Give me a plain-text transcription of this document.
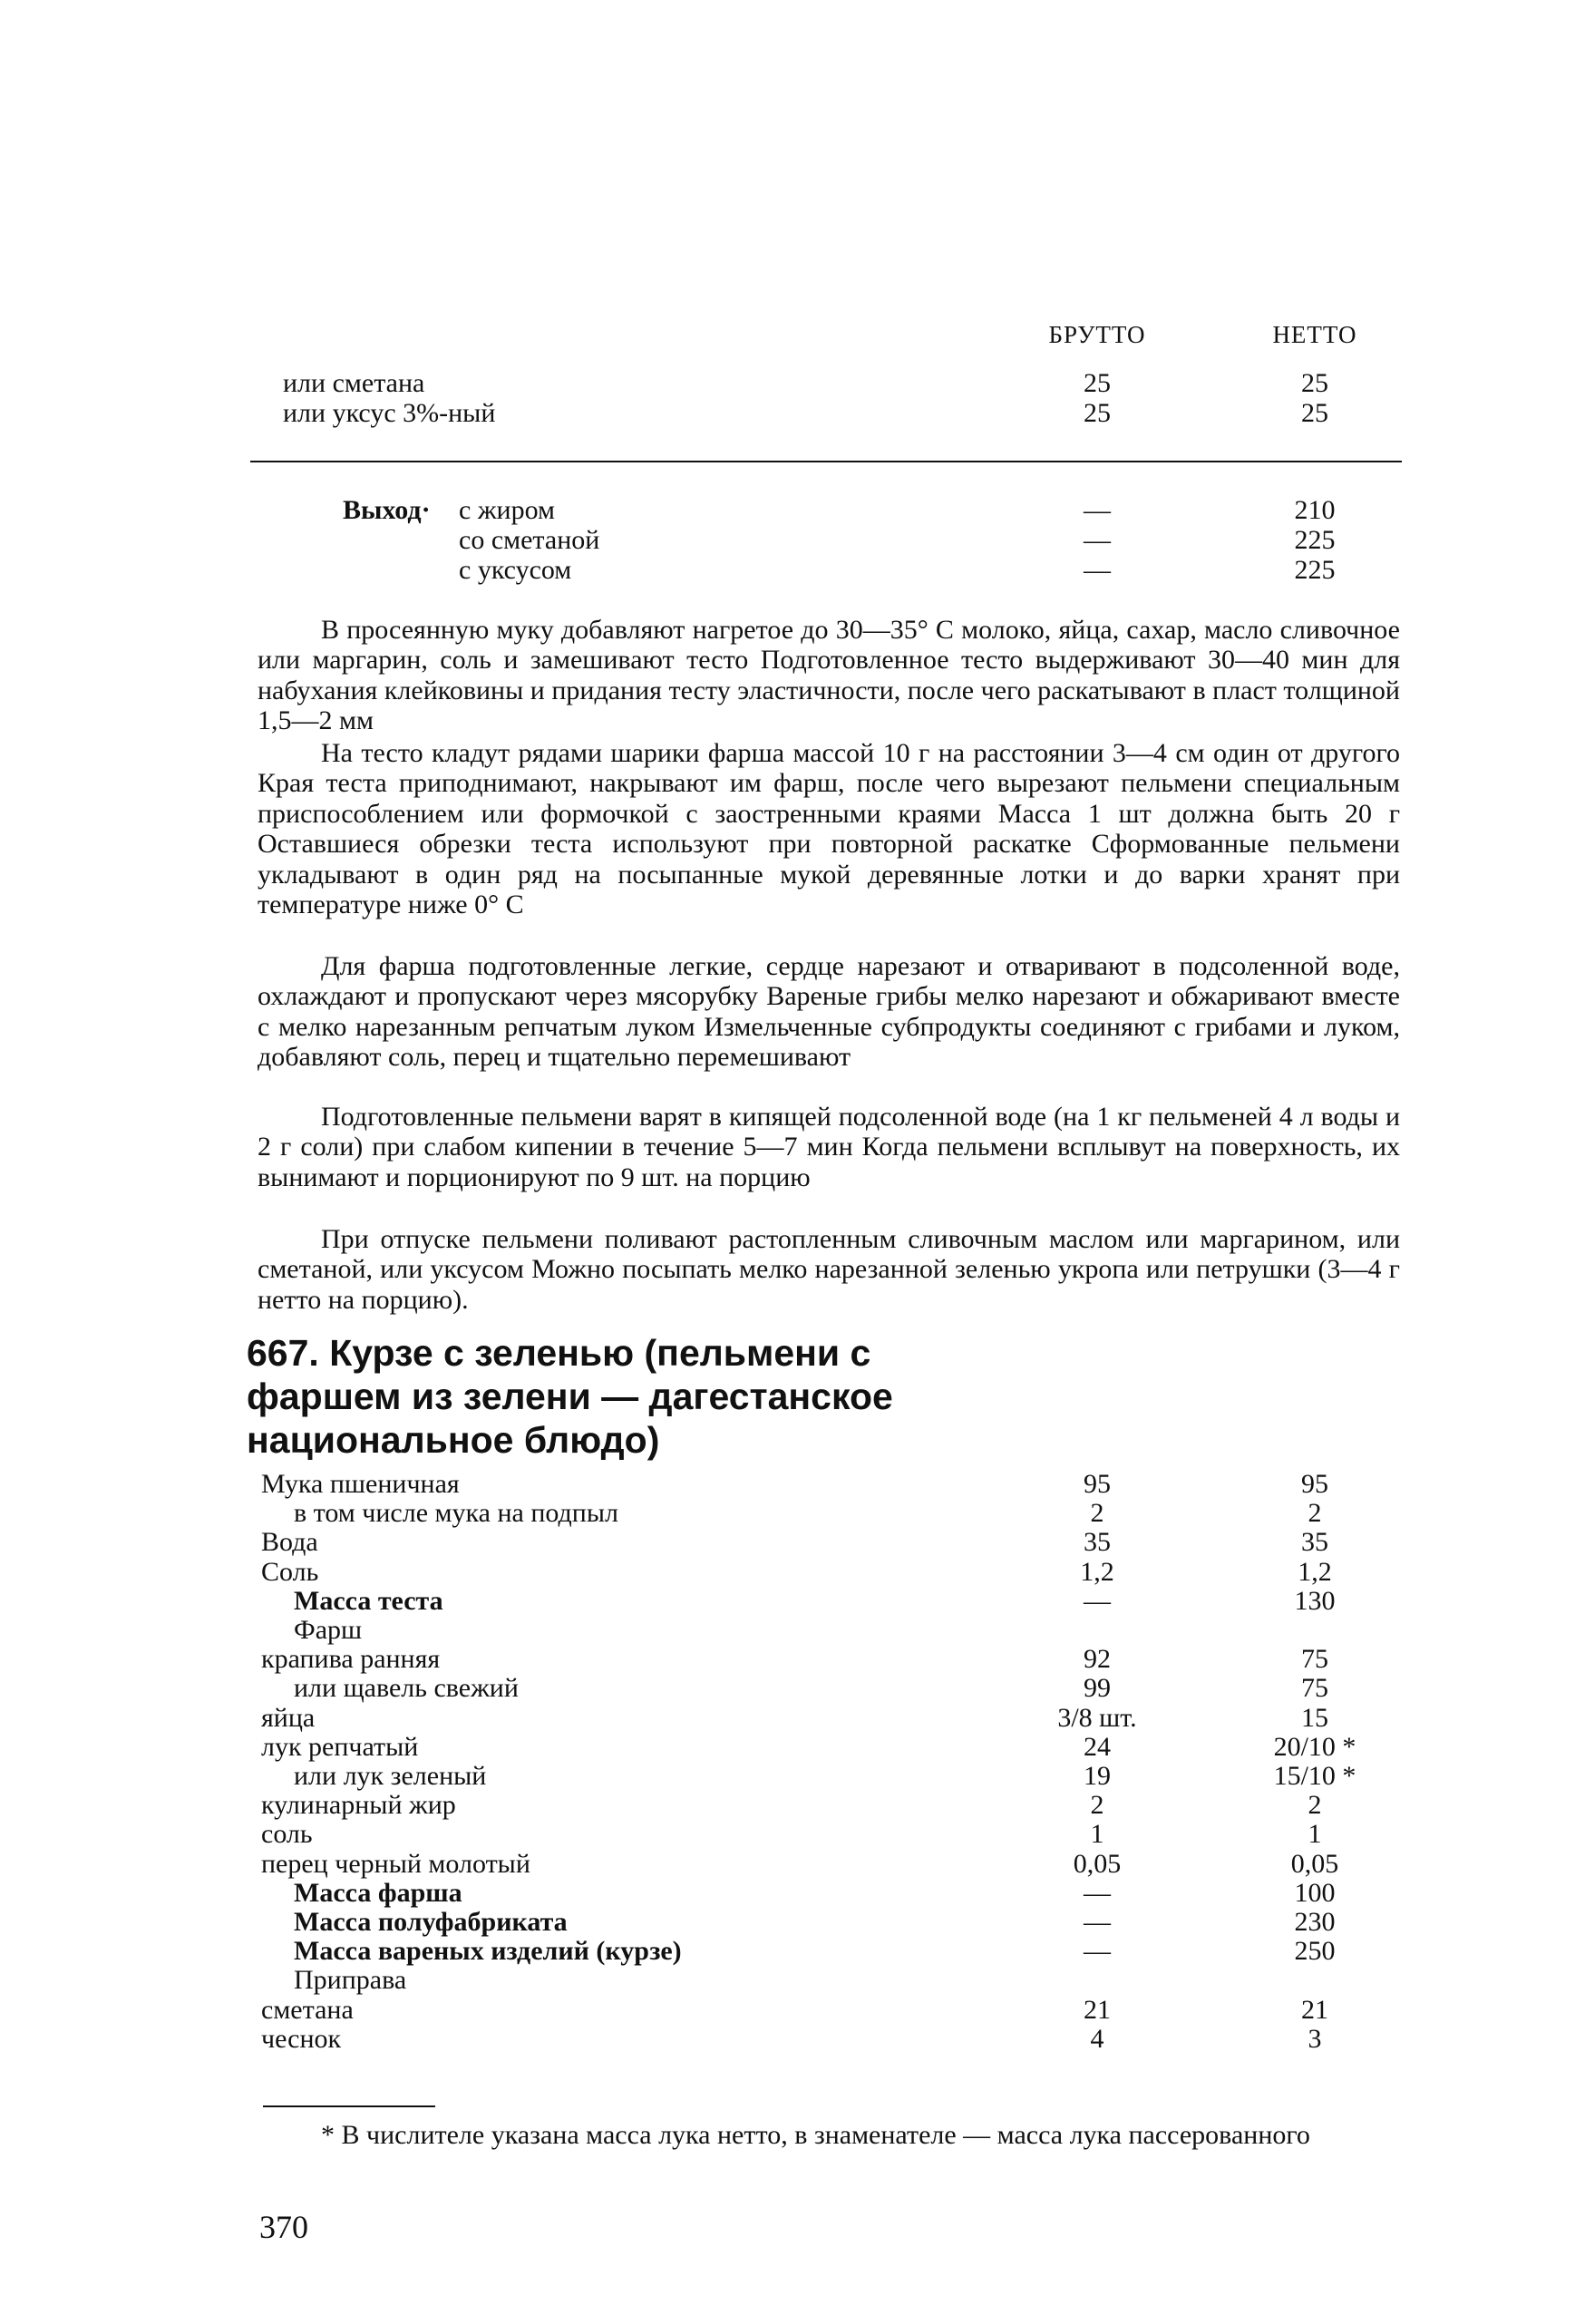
БРУТТО	НЕТТО
или сметана	25	25
или уксус 3%-ный	25	25
Выход· с жиром	—	210
со сметаной	—	225
с уксусом	—	225

В просеянную муку добавляют нагретое до 30—35° С молоко, яйца, сахар, масло сливочное или маргарин, соль и замешивают тесто Подготовленное тесто выдерживают 30—40 мин для набухания клейковины и придания тесту эластичности, после чего раскатывают в пласт толщиной 1,5—2 мм

На тесто кладут рядами шарики фарша массой 10 г на расстоянии 3—4 см один от другого Края теста приподнимают, накрывают им фарш, после чего вырезают пельмени специальным приспособлением или формочкой с заостренными краями Масса 1 шт должна быть 20 г Оставшиеся обрезки теста используют при повторной раскатке Сформованные пельмени укладывают в один ряд на посыпанные мукой деревянные лотки и до варки хранят при температуре ниже 0° С

Для фарша подготовленные легкие, сердце нарезают и отваривают в подсоленной воде, охлаждают и пропускают через мясорубку Вареные грибы мелко нарезают и обжаривают вместе с мелко нарезанным репчатым луком Измельченные субпродукты соединяют с грибами и луком, добавляют соль, перец и тщательно перемешивают

Подготовленные пельмени варят в кипящей подсоленной воде (на 1 кг пельменей 4 л воды и 2 г соли) при слабом кипении в течение 5—7 мин Когда пельмени всплывут на поверхность, их вынимают и порционируют по 9 шт. на порцию

При отпуске пельмени поливают растопленным сливочным маслом или маргарином, или сметаной, или уксусом Можно посыпать мелко нарезанной зеленью укропа или петрушки (3—4 г нетто на порцию).

667. Курзе с зеленью (пельмени с фаршем из зелени — дагестанское национальное блюдо)
Мука пшеничная	95	95
в том числе мука на подпыл	2	2
Вода	35	35
Соль	1,2	1,2
Масса теста	—	130
Фарш
крапива ранняя	92	75
или щавель свежий	99	75
яйца	3/8 шт.	15
лук репчатый	24	20/10 *
или лук зеленый	19	15/10 *
кулинарный жир	2	2
соль	1	1
перец черный молотый	0,05	0,05
Масса фарша	—	100
Масса полуфабриката	—	230
Масса вареных изделий (курзе)	—	250
Приправа
сметана	21	21
чеснок	4	3

* В числителе указана масса лука нетто, в знаменателе — масса лука пассерованного

370
